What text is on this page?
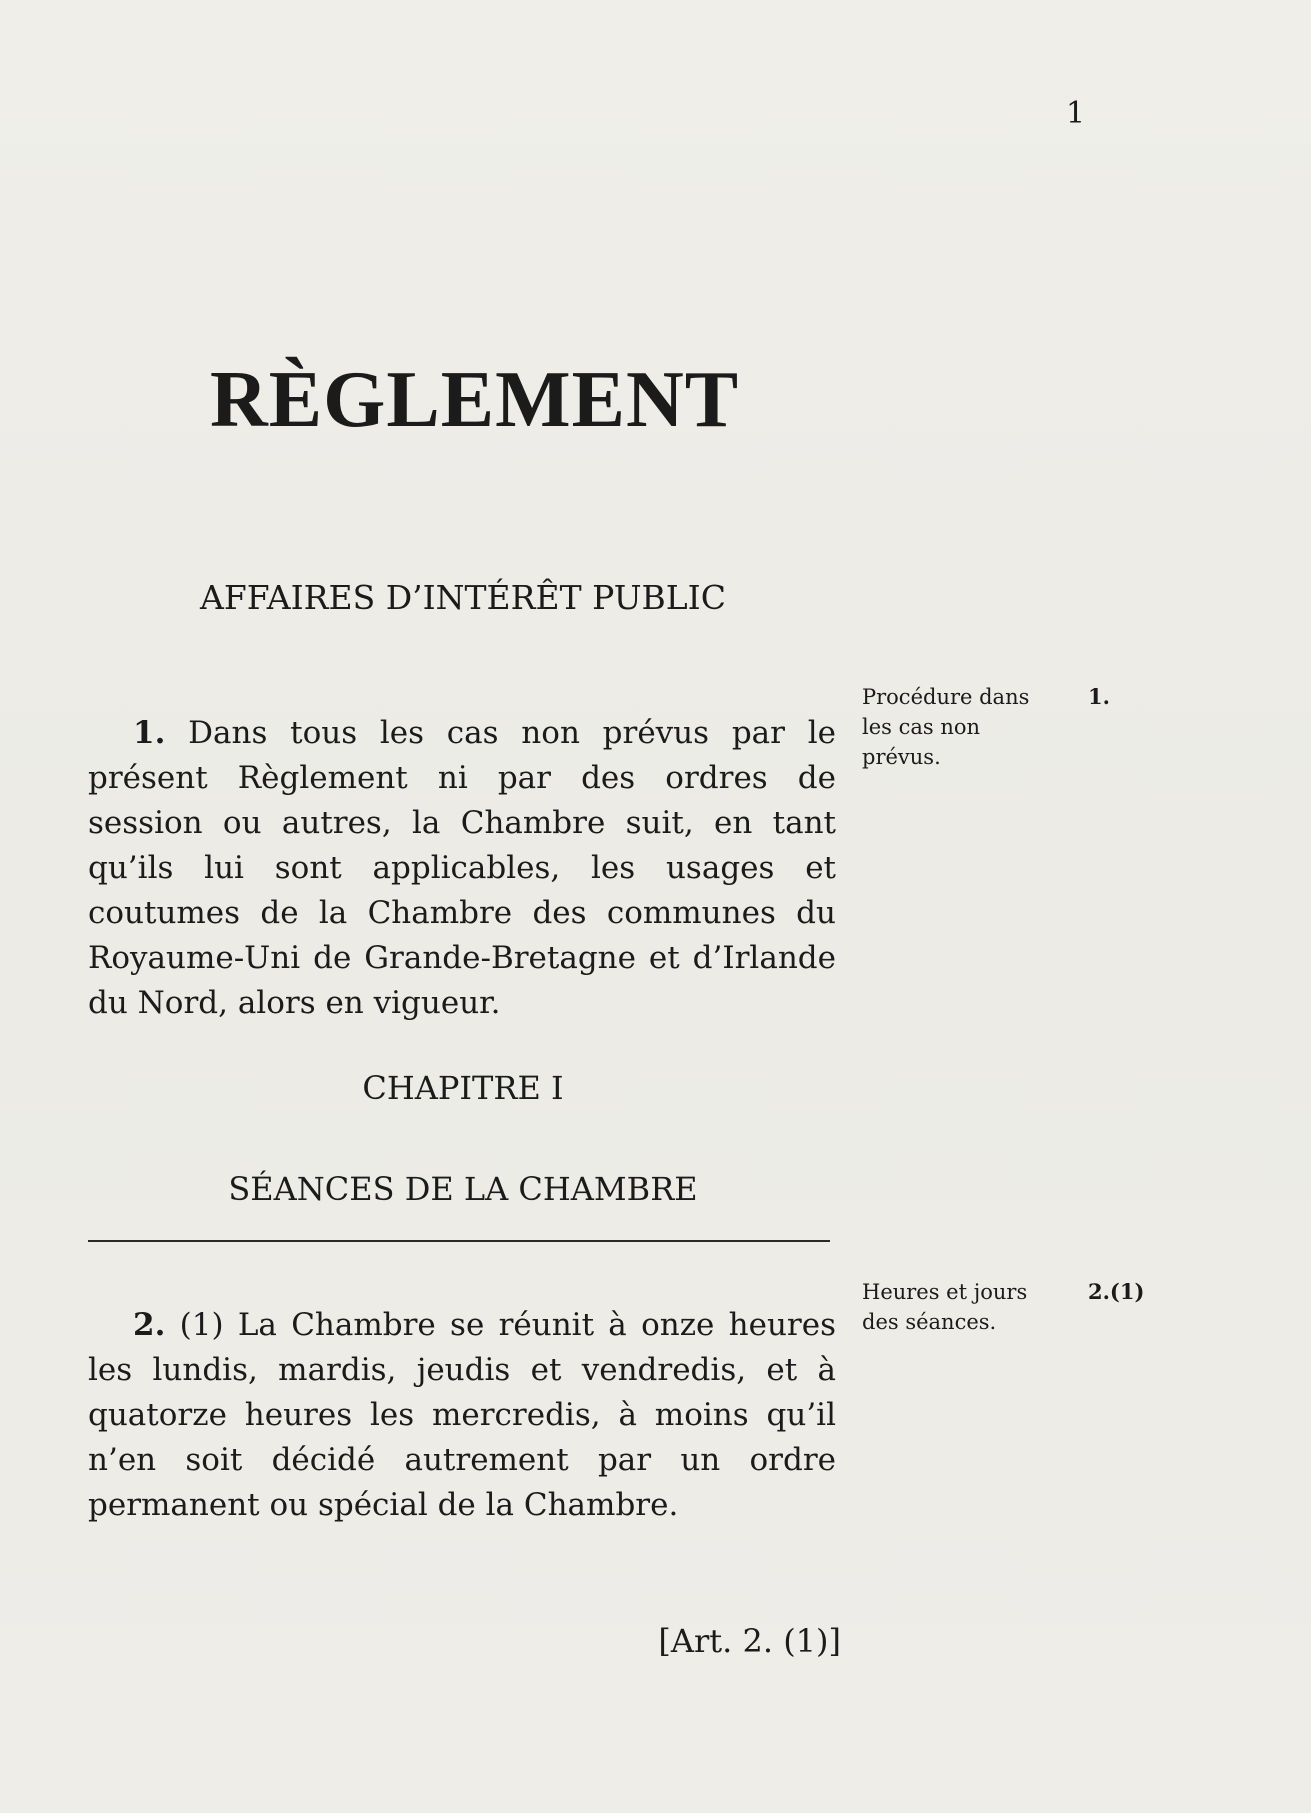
1
RÈGLEMENT
AFFAIRES D’INTÉRÊT PUBLIC

1. Dans tous les cas non prévus par le présent Règlement ni par des ordres de session ou autres, la Chambre suit, en tant qu’ils lui sont applicables, les usages et coutumes de la Chambre des communes du Royaume-Uni de Grande-Bretagne et d’Irlande du Nord, alors en vigueur.

Procédure dans les cas non prévus.
1.
CHAPITRE I
SÉANCES DE LA CHAMBRE

2. (1) La Chambre se réunit à onze heures les lundis, mardis, jeudis et vendredis, et à quatorze heures les mercredis, à moins qu’il n’en soit décidé autrement par un ordre permanent ou spécial de la Chambre.

Heures et jours des séances.
2.(1)
[Art. 2. (1)]
